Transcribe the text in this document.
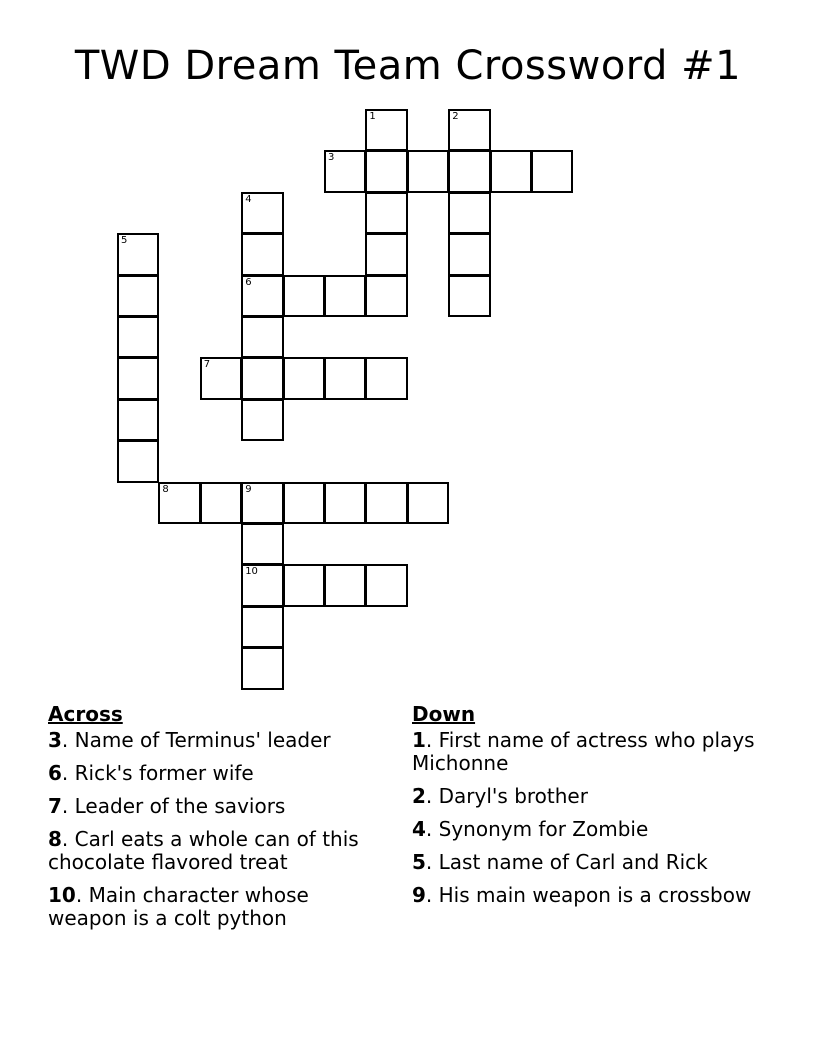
TWD Dream Team Crossword #1
1	2
3
4
6
5
7
8	9
10
Across
3. Name of Terminus' leader
6. Rick's former wife
7. Leader of the saviors
8. Carl eats a whole can of this chocolate flavored treat
10. Main character whose weapon is a colt python
Down
1. First name of actress who plays Michonne
2. Daryl's brother
4. Synonym for Zombie
5. Last name of Carl and Rick
9. His main weapon is a crossbow
